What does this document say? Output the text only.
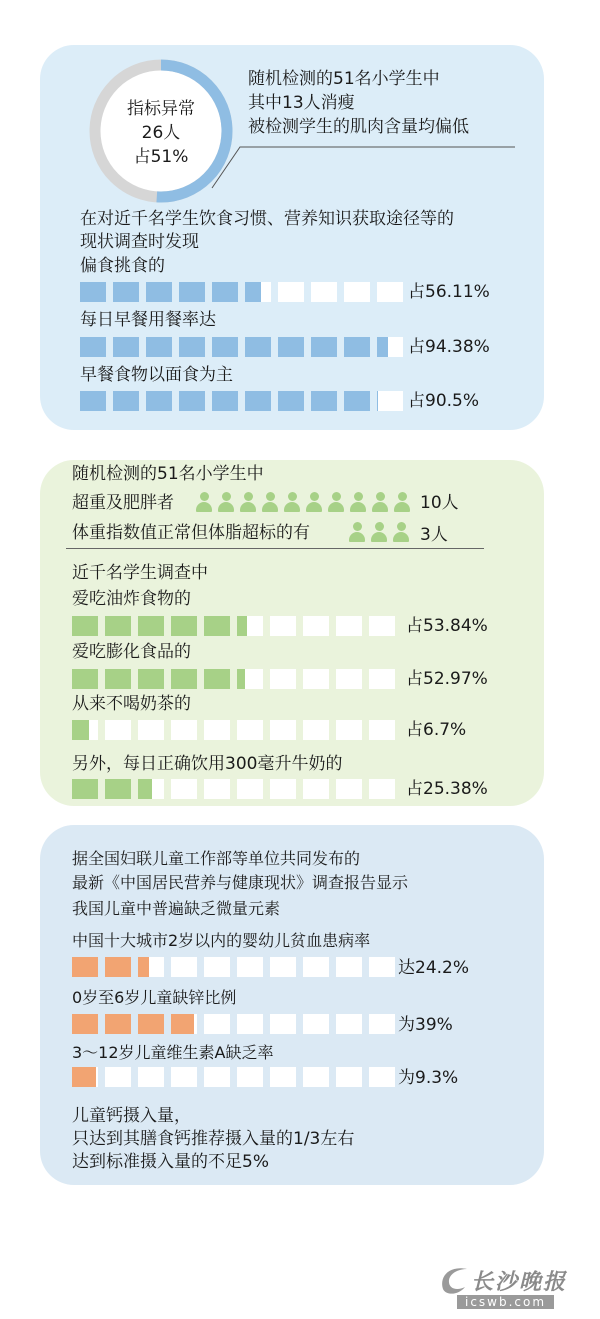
指标异常
26人
占51%
随机检测的51名小学生中
其中13人消瘦
被检测学生的肌肉含量均偏低
在对近千名学生饮食习惯、营养知识获取途径等的
现状调查时发现
偏食挑食的
占56.11%
每日早餐用餐率达
占94.38%
早餐食物以面食为主
占90.5%
随机检测的51名小学生中
超重及肥胖者	10人
体重指数值正常但体脂超标的有	3人
近千名学生调查中
爱吃油炸食物的
占53.84%
爱吃膨化食品的
占52.97%
从来不喝奶茶的
占6.7%
另外，每日正确饮用300毫升牛奶的
占25.38%
据全国妇联儿童工作部等单位共同发布的
最新《中国居民营养与健康现状》调查报告显示
我国儿童中普遍缺乏微量元素
中国十大城市2岁以内的婴幼儿贫血患病率
达24.2%
0岁至6岁儿童缺锌比例
为39%
3～12岁儿童维生素A缺乏率
为9.3%
儿童钙摄入量，
只达到其膳食钙推荐摄入量的1/3左右
达到标准摄入量的不足5%
长沙晚报
icswb.com
